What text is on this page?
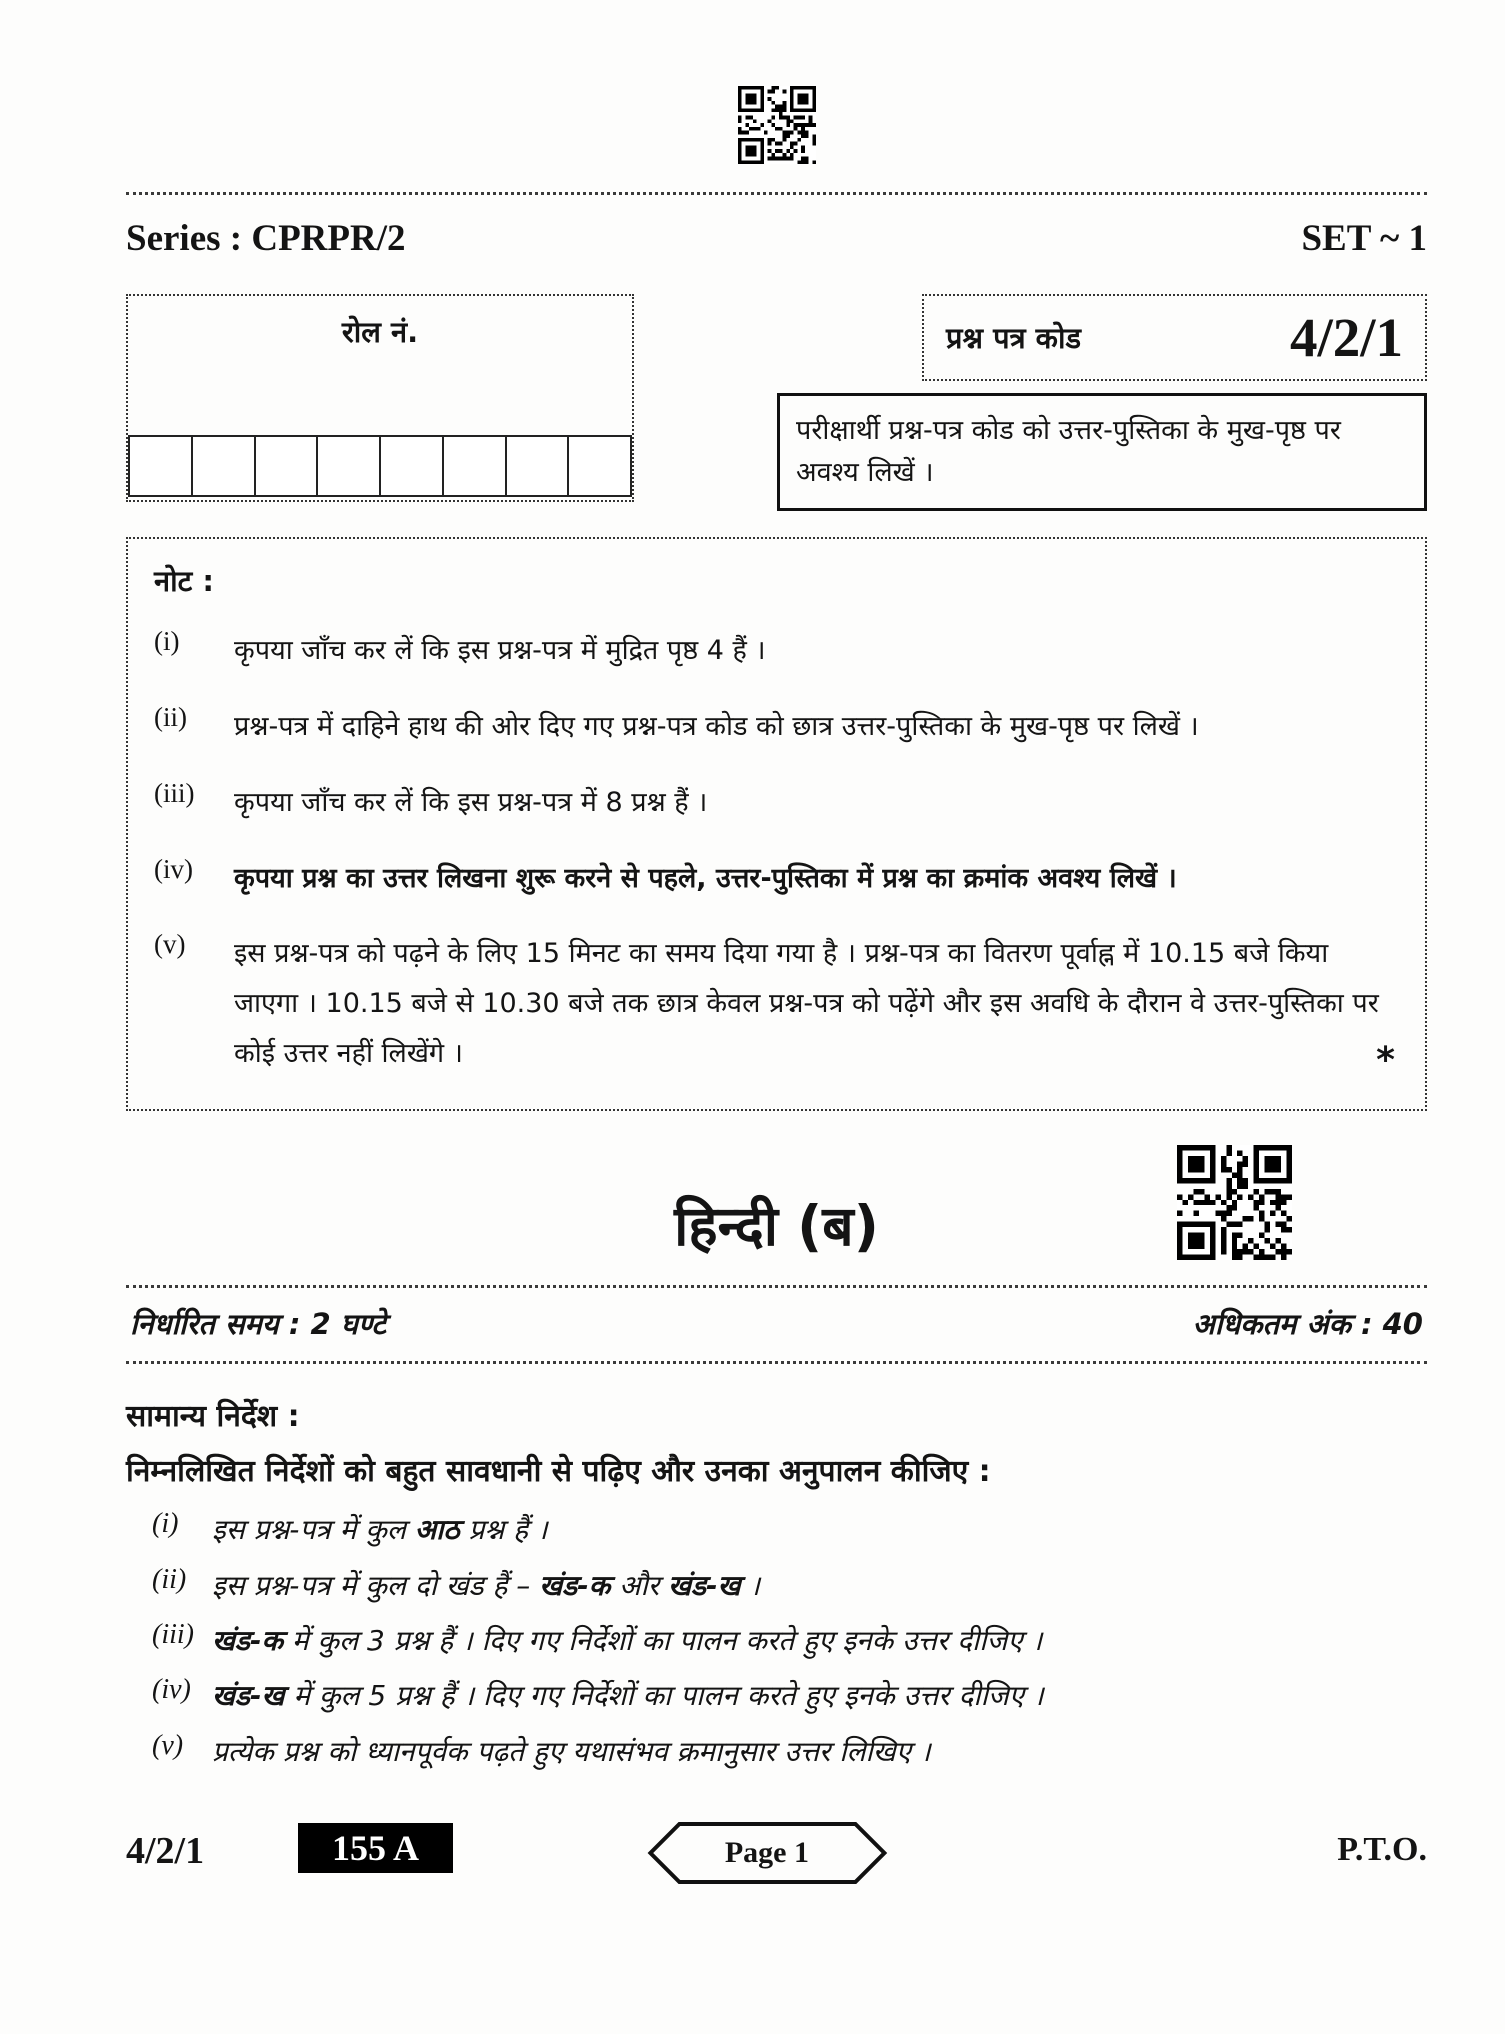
Series : CPRPR/2	SET ~ 1
रोल नं.	प्रश्न पत्र कोड	4/2/1
परीक्षार्थी प्रश्न-पत्र कोड को उत्तर-पुस्तिका के मुख-पृष्ठ पर अवश्य लिखें ।
नोट :
(i)	कृपया जाँच कर लें कि इस प्रश्न-पत्र में मुद्रित पृष्ठ 4 हैं ।
(ii)	प्रश्न-पत्र में दाहिने हाथ की ओर दिए गए प्रश्न-पत्र कोड को छात्र उत्तर-पुस्तिका के मुख-पृष्ठ पर लिखें ।
(iii)	कृपया जाँच कर लें कि इस प्रश्न-पत्र में 8 प्रश्न हैं ।
(iv)	कृपया प्रश्न का उत्तर लिखना शुरू करने से पहले, उत्तर-पुस्तिका में प्रश्न का क्रमांक अवश्य लिखें ।
(v)	इस प्रश्न-पत्र को पढ़ने के लिए 15 मिनट का समय दिया गया है । प्रश्न-पत्र का वितरण पूर्वाह्न में 10.15 बजे किया जाएगा । 10.15 बजे से 10.30 बजे तक छात्र केवल प्रश्न-पत्र को पढ़ेंगे और इस अवधि के दौरान वे उत्तर-पुस्तिका पर कोई उत्तर नहीं लिखेंगे ।	*
हिन्दी (ब)
निर्धारित समय : 2 घण्टे	अधिकतम अंक : 40
सामान्य निर्देश :
निम्नलिखित निर्देशों को बहुत सावधानी से पढ़िए और उनका अनुपालन कीजिए :
(i)	इस प्रश्न-पत्र में कुल आठ प्रश्न हैं ।
(ii) इस प्रश्न-पत्र में कुल दो खंड हैं – खंड-क और खंड-ख ।
(iii) खंड-क में कुल 3 प्रश्न हैं । दिए गए निर्देशों का पालन करते हुए इनके उत्तर दीजिए ।
(iv) खंड-ख में कुल 5 प्रश्न हैं । दिए गए निर्देशों का पालन करते हुए इनके उत्तर दीजिए ।
(v)	प्रत्येक प्रश्न को ध्यानपूर्वक पढ़ते हुए यथासंभव क्रमानुसार उत्तर लिखिए ।
4/2/1	155 A	Page 1	P.T.O.
